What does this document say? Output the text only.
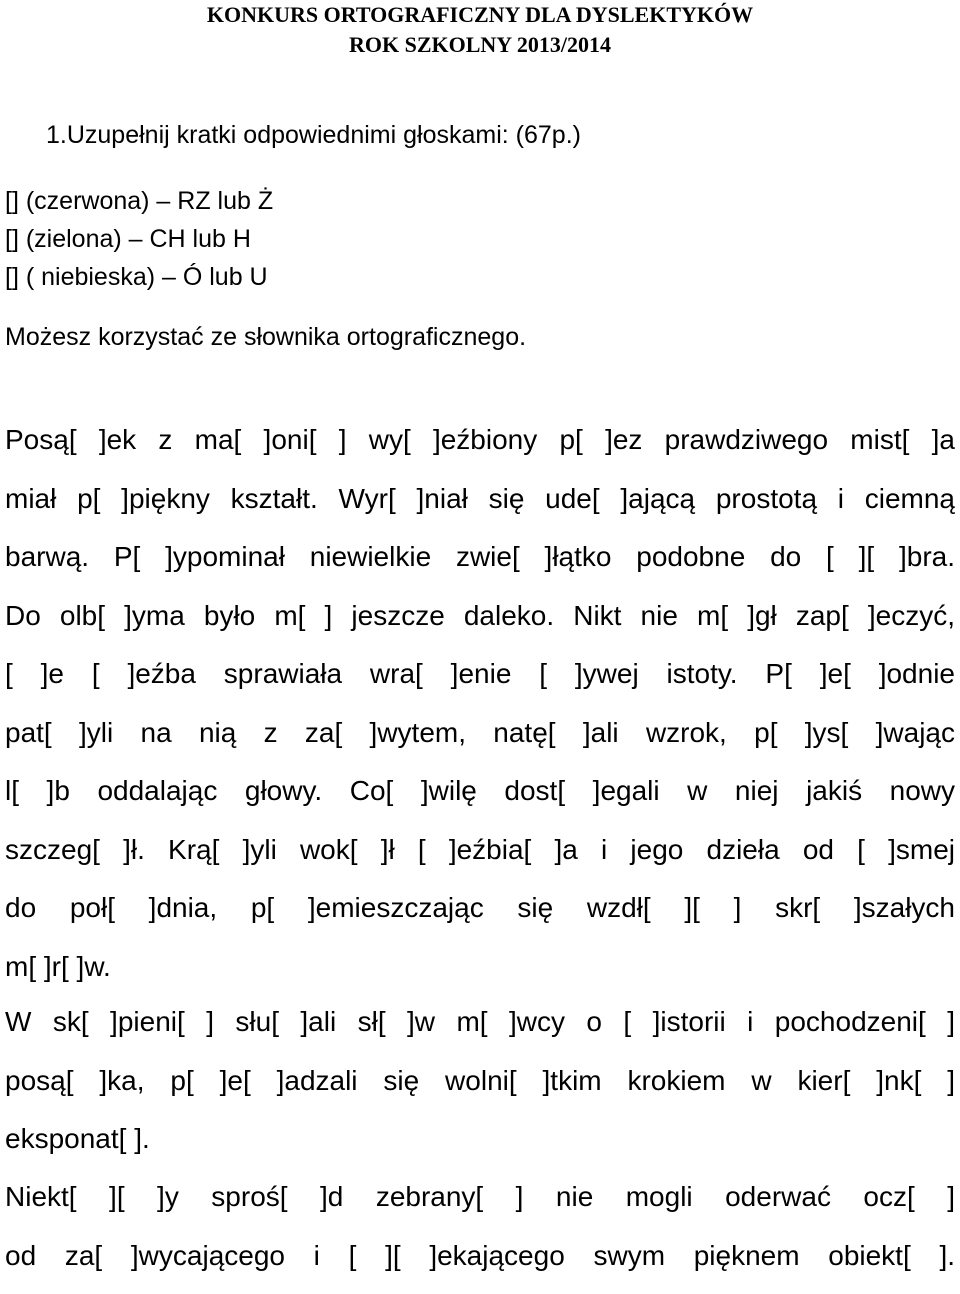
KONKURS ORTOGRAFICZNY DLA DYSLEKTYKÓW
ROK SZKOLNY 2013/2014

1.Uzupełnij kratki odpowiednimi głoskami: (67p.)

[] (czerwona) – RZ lub Ż
[] (zielona) – CH lub H
[] ( niebieska) – Ó lub U

Możesz korzystać ze słownika ortograficznego.

Posą[ ]ek z ma[ ]oni[ ] wy[ ]eźbiony p[ ]ez prawdziwego mist[ ]a
miał p[ ]piękny kształt. Wyr[ ]niał się ude[ ]ającą prostotą i ciemną
barwą. P[ ]ypominał niewielkie zwie[ ]łątko podobne do [ ][ ]bra.
Do olb[ ]yma było m[ ] jeszcze daleko. Nikt nie m[ ]gł zap[ ]eczyć,
[ ]e [ ]eźba sprawiała wra[ ]enie [ ]ywej istoty. P[ ]e[ ]odnie
pat[ ]yli na nią z za[ ]wytem, natę[ ]ali wzrok, p[ ]ys[ ]wając
l[ ]b oddalając głowy. Co[ ]wilę dost[ ]egali w niej jakiś nowy
szczeg[ ]ł. Krą[ ]yli wok[ ]ł [ ]eźbia[ ]a i jego dzieła od [ ]smej
do poł[ ]dnia, p[ ]emieszczając się wzdł[ ][ ] skr[ ]szałych
m[ ]r[ ]w.
W sk[ ]pieni[ ] słu[ ]ali sł[ ]w m[ ]wcy o [ ]istorii i pochodzeni[ ]
posą[ ]ka, p[ ]e[ ]adzali się wolni[ ]tkim krokiem w kier[ ]nk[ ]
eksponat[ ].
Niekt[ ][ ]y sproś[ ]d zebrany[ ] nie mogli oderwać ocz[ ]
od za[ ]wycającego i [ ][ ]ekającego swym pięknem obiekt[ ].
